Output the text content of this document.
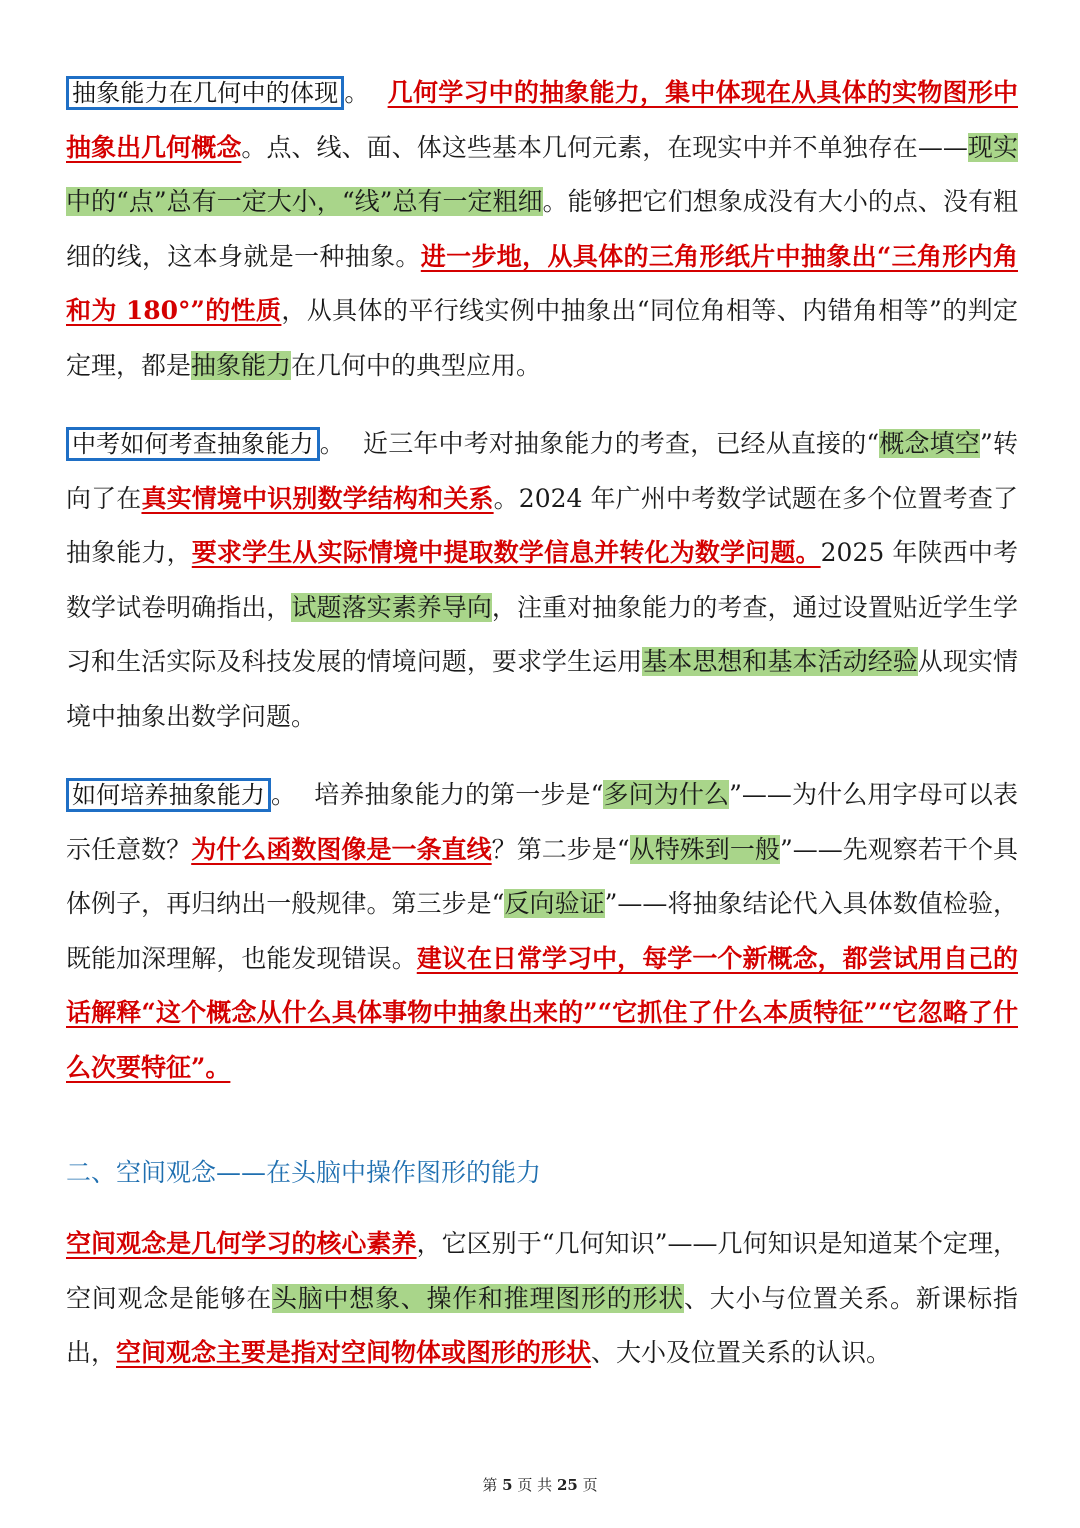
抽象能力在几何中的体现 。 几何学习中的抽象能力，集中体现在从具体的实物图形中抽象出几何概念。点、线、面、体这些基本几何元素，在现实中并不单独存在——现实中的“点”总有一定大小，“线”总有一定粗细。能够把它们想象成没有大小的点、没有粗细的线，这本身就是一种抽象。进一步地，从具体的三角形纸片中抽象出“三角形内角和为 180°”的性质，从具体的平行线实例中抽象出“同位角相等、内错角相等”的判定定理，都是抽象能力在几何中的典型应用。

中考如何考查抽象能力 。 近三年中考对抽象能力的考查，已经从直接的“概念填空”转向了在真实情境中识别数学结构和关系。2024 年广州中考数学试题在多个位置考查了抽象能力，要求学生从实际情境中提取数学信息并转化为数学问题。2025 年陕西中考数学试卷明确指出，试题落实素养导向，注重对抽象能力的考查，通过设置贴近学生学习和生活实际及科技发展的情境问题，要求学生运用基本思想和基本活动经验从现实情境中抽象出数学问题。

如何培养抽象能力 。 培养抽象能力的第一步是“多问为什么”——为什么用字母可以表示任意数？为什么函数图像是一条直线？第二步是“从特殊到一般”——先观察若干个具体例子，再归纳出一般规律。第三步是“反向验证”——将抽象结论代入具体数值检验，既能加深理解，也能发现错误。建议在日常学习中，每学一个新概念，都尝试用自己的话解释“这个概念从什么具体事物中抽象出来的”“它抓住了什么本质特征”“它忽略了什么次要特征”。

二、空间观念——在头脑中操作图形的能力

空间观念是几何学习的核心素养，它区别于“几何知识”——几何知识是知道某个定理，空间观念是能够在头脑中想象、操作和推理图形的形状、大小与位置关系。新课标指出，空间观念主要是指对空间物体或图形的形状、大小及位置关系的认识。

第 5 页 共 25 页
